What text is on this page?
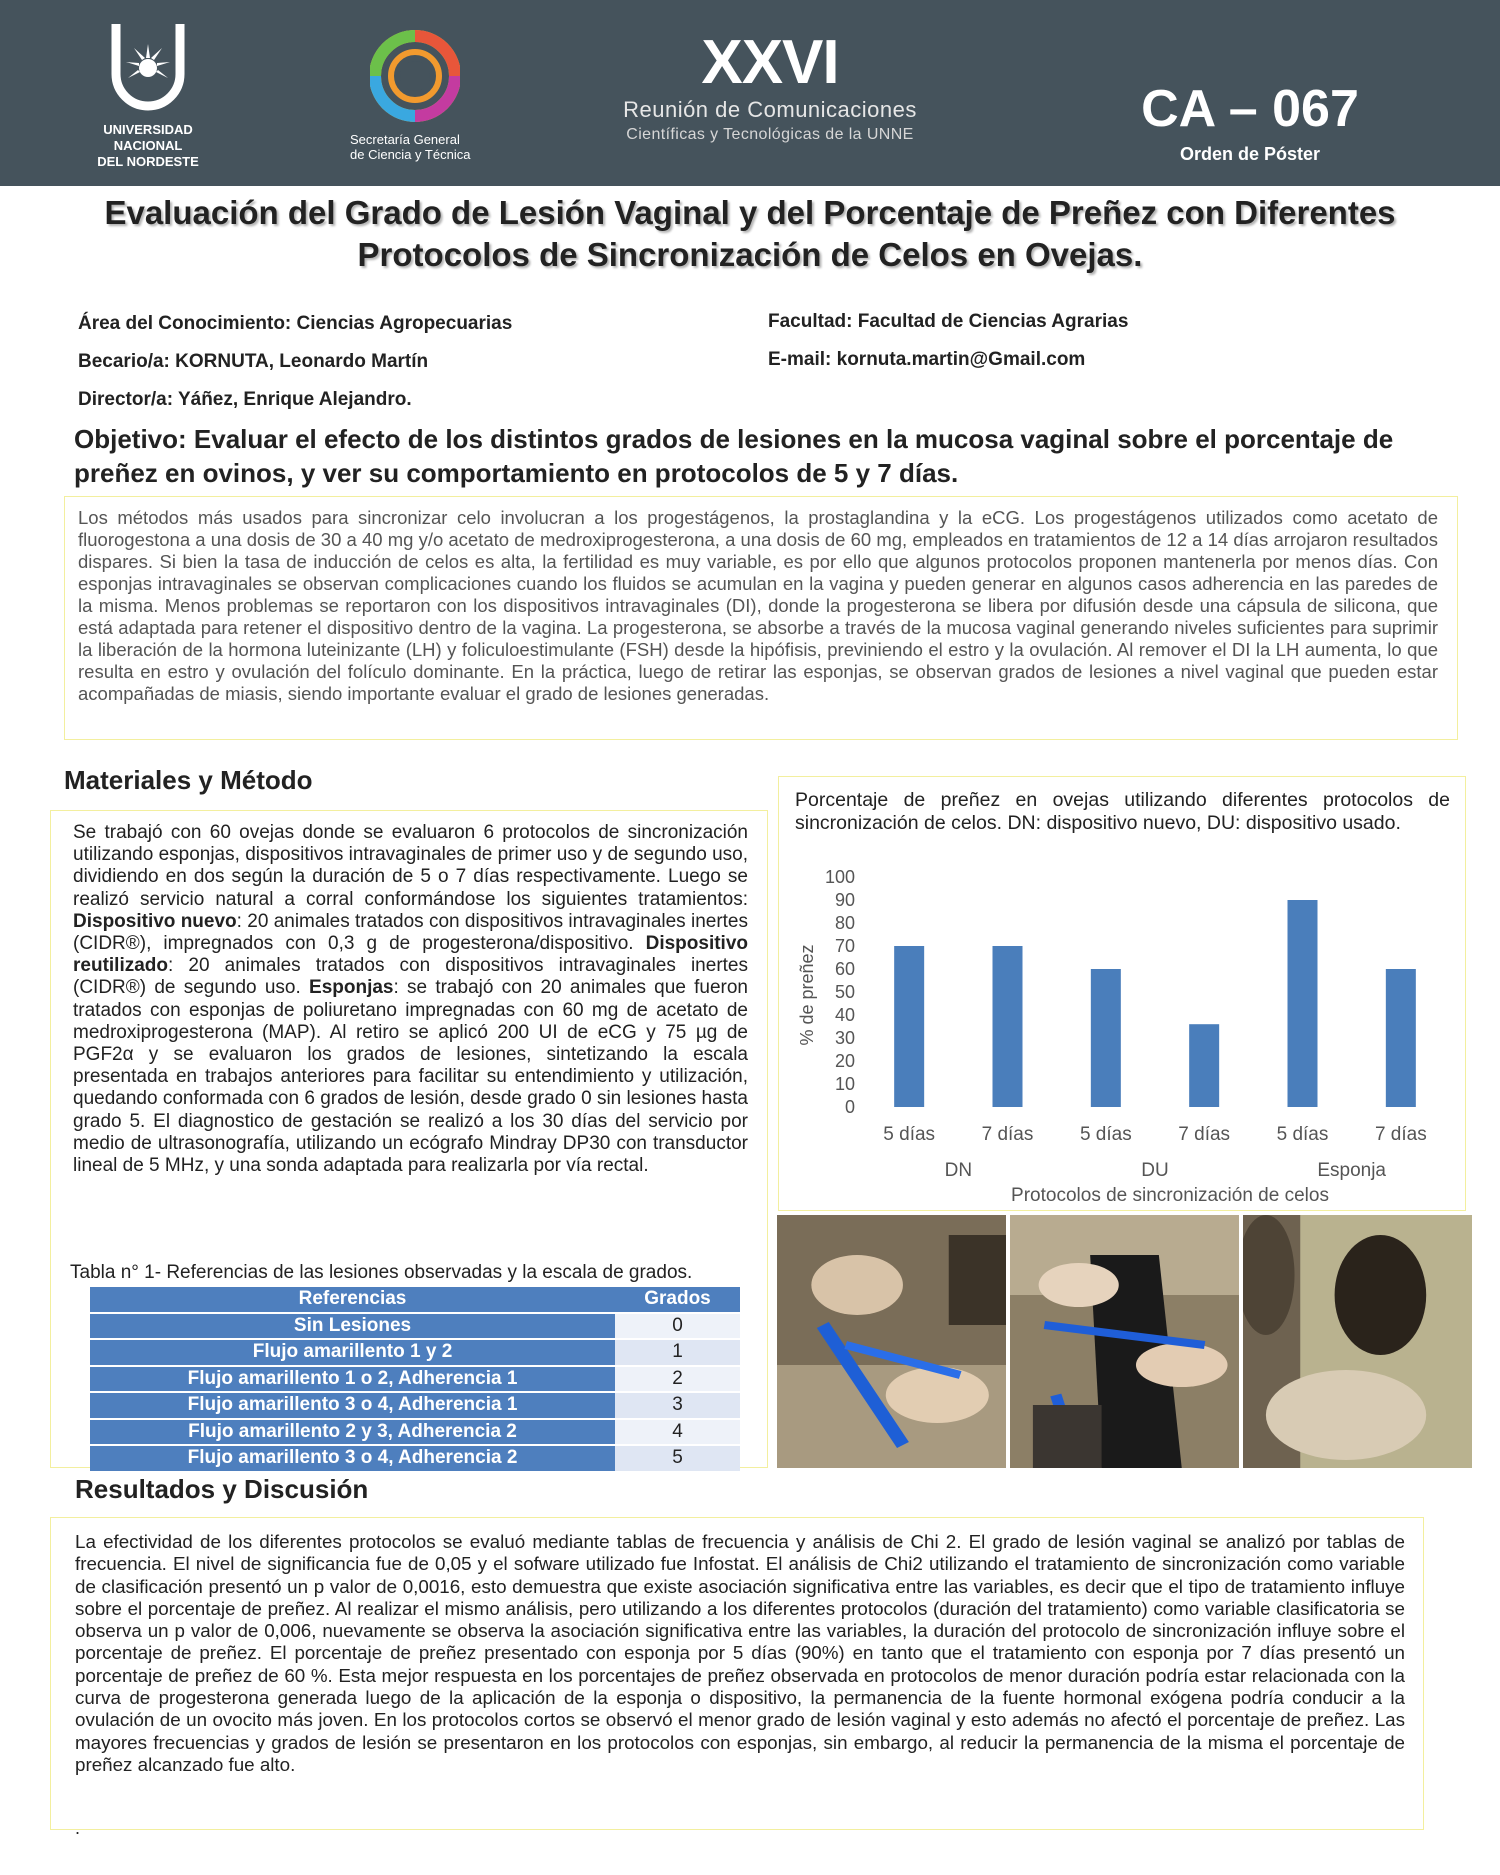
UNIVERSIDAD
NACIONAL
DEL NORDESTE
Secretaría General
de Ciencia y Técnica
XXVI
Reunión de Comunicaciones
Científicas y Tecnológicas de la UNNE	CA – 067
Orden de Póster
Evaluación del Grado de Lesión Vaginal y del Porcentaje de Preñez con Diferentes
Protocolos de Sincronización de Celos en Ovejas.
Área del Conocimiento: Ciencias Agropecuarias
Becario/a: KORNUTA, Leonardo Martín
Director/a: Yáñez, Enrique Alejandro.
Facultad: Facultad de Ciencias Agrarias
E-mail: kornuta.martin@Gmail.com
Objetivo: Evaluar el efecto de los distintos grados de lesiones en la mucosa vaginal sobre el porcentaje de preñez en ovinos, y ver su comportamiento en protocolos de 5 y 7 días.
Los métodos más usados para sincronizar celo involucran a los progestágenos, la prostaglandina y la eCG. Los progestágenos utilizados como acetato de fluorogestona a una dosis de 30 a 40 mg y/o acetato de medroxiprogesterona, a una dosis de 60 mg, empleados en tratamientos de 12 a 14 días arrojaron resultados dispares. Si bien la tasa de inducción de celos es alta, la fertilidad es muy variable, es por ello que algunos protocolos proponen mantenerla por menos días. Con esponjas intravaginales se observan complicaciones cuando los fluidos se acumulan en la vagina y pueden generar en algunos casos adherencia en las paredes de la misma. Menos problemas se reportaron con los dispositivos intravaginales (DI), donde la progesterona se libera por difusión desde una cápsula de silicona, que está adaptada para retener el dispositivo dentro de la vagina. La progesterona, se absorbe a través de la mucosa vaginal generando niveles suficientes para suprimir la liberación de la hormona luteinizante (LH) y foliculoestimulante (FSH) desde la hipófisis, previniendo el estro y la ovulación. Al remover el DI la LH aumenta, lo que resulta en estro y ovulación del folículo dominante. En la práctica, luego de retirar las esponjas, se observan grados de lesiones a nivel vaginal que pueden estar acompañadas de miasis, siendo importante evaluar el grado de lesiones generadas.
Materiales y Método
Se trabajó con 60 ovejas donde se evaluaron 6 protocolos de sincronización utilizando esponjas, dispositivos intravaginales de primer uso y de segundo uso, dividiendo en dos según la duración de 5 o 7 días respectivamente. Luego se realizó servicio natural a corral conformándose los siguientes tratamientos: Dispositivo nuevo: 20 animales tratados con dispositivos intravaginales inertes (CIDR®), impregnados con 0,3 g de progesterona/dispositivo. Dispositivo reutilizado: 20 animales tratados con dispositivos intravaginales inertes (CIDR®) de segundo uso. Esponjas: se trabajó con 20 animales que fueron tratados con esponjas de poliuretano impregnadas con 60 mg de acetato de medroxiprogesterona (MAP). Al retiro se aplicó 200 UI de eCG y 75 µg de PGF2α y se evaluaron los grados de lesiones, sintetizando la escala presentada en trabajos anteriores para facilitar su entendimiento y utilización, quedando conformada con 6 grados de lesión, desde grado 0 sin lesiones hasta grado 5. El diagnostico de gestación se realizó a los 30 días del servicio por medio de ultrasonografía, utilizando un ecógrafo Mindray DP30 con transductor lineal de 5 MHz, y una sonda adaptada para realizarla por vía rectal.
Tabla n° 1- Referencias de las lesiones observadas y la escala de grados.
Referencias	Grados
Sin Lesiones	0
Flujo amarillento 1 y 2	1
Flujo amarillento 1 o 2, Adherencia 1	2
Flujo amarillento 3 o 4, Adherencia 1	3
Flujo amarillento 2 y 3, Adherencia 2	4
Flujo amarillento 3 o 4, Adherencia 2	5
Porcentaje de preñez en ovejas utilizando diferentes protocolos de sincronización de celos. DN: dispositivo nuevo, DU: dispositivo usado.
% de preñez
0
10
20
30
40
50
60
70
80
90
100
5 días 7 días 5 días 7 días 5 días 7 días
DN	DU	Esponja
Protocolos de sincronización de celos
Resultados y Discusión
La efectividad de los diferentes protocolos se evaluó mediante tablas de frecuencia y análisis de Chi 2. El grado de lesión vaginal se analizó por tablas de frecuencia. El nivel de significancia fue de 0,05 y el sofware utilizado fue Infostat. El análisis de Chi2 utilizando el tratamiento de sincronización como variable de clasificación presentó un p valor de 0,0016, esto demuestra que existe asociación significativa entre las variables, es decir que el tipo de tratamiento influye sobre el porcentaje de preñez. Al realizar el mismo análisis, pero utilizando a los diferentes protocolos (duración del tratamiento) como variable clasificatoria se observa un p valor de 0,006, nuevamente se observa la asociación significativa entre las variables, la duración del protocolo de sincronización influye sobre el porcentaje de preñez. El porcentaje de preñez presentado con esponja por 5 días (90%) en tanto que el tratamiento con esponja por 7 días presentó un porcentaje de preñez de 60 %. Esta mejor respuesta en los porcentajes de preñez observada en protocolos de menor duración podría estar relacionada con la curva de progesterona generada luego de la aplicación de la esponja o dispositivo, la permanencia de la fuente hormonal exógena podría conducir a la ovulación de un ovocito más joven. En los protocolos cortos se observó el menor grado de lesión vaginal y esto además no afectó el porcentaje de preñez. Las mayores frecuencias y grados de lesión se presentaron en los protocolos con esponjas, sin embargo, al reducir la permanencia de la misma el porcentaje de preñez alcanzado fue alto.
.
